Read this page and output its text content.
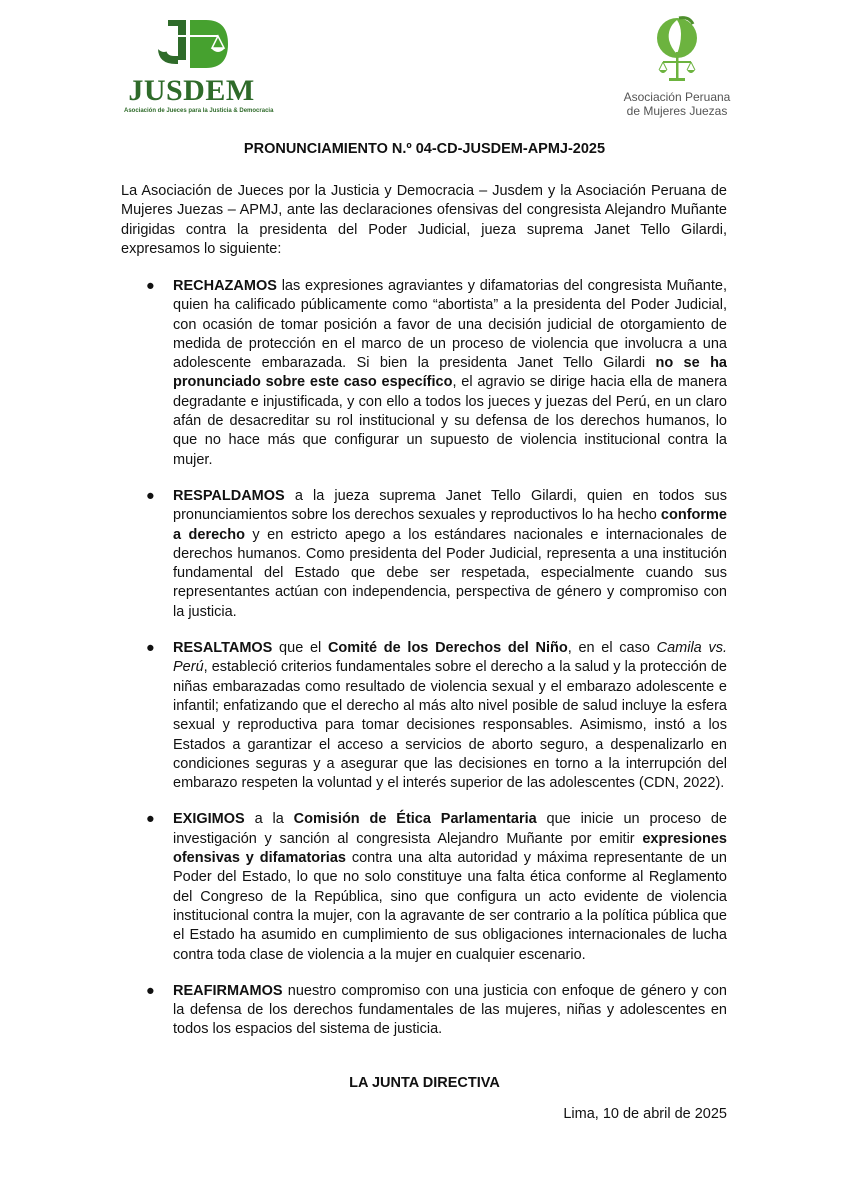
JUSDEM
Asociación de Jueces para la Justicia & Democracia
Asociación Peruana
de Mujeres Juezas
PRONUNCIAMIENTO N.º 04-CD-JUSDEM-APMJ-2025

La Asociación de Jueces por la Justicia y Democracia – Jusdem y la Asociación Peruana de Mujeres Juezas – APMJ, ante las declaraciones ofensivas del congresista Alejandro Muñante dirigidas contra la presidenta del Poder Judicial, jueza suprema Janet Tello Gilardi, expresamos lo siguiente:

● RECHAZAMOS las expresiones agraviantes y difamatorias del congresista Muñante, quien ha calificado públicamente como “abortista” a la presidenta del Poder Judicial, con ocasión de tomar posición a favor de una decisión judicial de otorgamiento de medida de protección en el marco de un proceso de violencia que involucra a una adolescente embarazada. Si bien la presidenta Janet Tello Gilardi no se ha pronunciado sobre este caso específico, el agravio se dirige hacia ella de manera degradante e injustificada, y con ello a todos los jueces y juezas del Perú, en un claro afán de desacreditar su rol institucional y su defensa de los derechos humanos, lo que no hace más que configurar un supuesto de violencia institucional contra la mujer.
● RESPALDAMOS a la jueza suprema Janet Tello Gilardi, quien en todos sus pronunciamientos sobre los derechos sexuales y reproductivos lo ha hecho conforme a derecho y en estricto apego a los estándares nacionales e internacionales de derechos humanos. Como presidenta del Poder Judicial, representa a una institución fundamental del Estado que debe ser respetada, especialmente cuando sus representantes actúan con independencia, perspectiva de género y compromiso con la justicia.
● RESALTAMOS que el Comité de los Derechos del Niño, en el caso Camila vs. Perú, estableció criterios fundamentales sobre el derecho a la salud y la protección de niñas embarazadas como resultado de violencia sexual y el embarazo adolescente e infantil; enfatizando que el derecho al más alto nivel posible de salud incluye la esfera sexual y reproductiva para tomar decisiones responsables. Asimismo, instó a los Estados a garantizar el acceso a servicios de aborto seguro, a despenalizarlo en condiciones seguras y a asegurar que las decisiones en torno a la interrupción del embarazo respeten la voluntad y el interés superior de las adolescentes (CDN, 2022).
● EXIGIMOS a la Comisión de Ética Parlamentaria que inicie un proceso de investigación y sanción al congresista Alejandro Muñante por emitir expresiones ofensivas y difamatorias contra una alta autoridad y máxima representante de un Poder del Estado, lo que no solo constituye una falta ética conforme al Reglamento del Congreso de la República, sino que configura un acto evidente de violencia institucional contra la mujer, con la agravante de ser contrario a la política pública que el Estado ha asumido en cumplimiento de sus obligaciones internacionales de lucha contra toda clase de violencia a la mujer en cualquier escenario.
● REAFIRMAMOS nuestro compromiso con una justicia con enfoque de género y con la defensa de los derechos fundamentales de las mujeres, niñas y adolescentes en todos los espacios del sistema de justicia.
LA JUNTA DIRECTIVA
Lima, 10 de abril de 2025
